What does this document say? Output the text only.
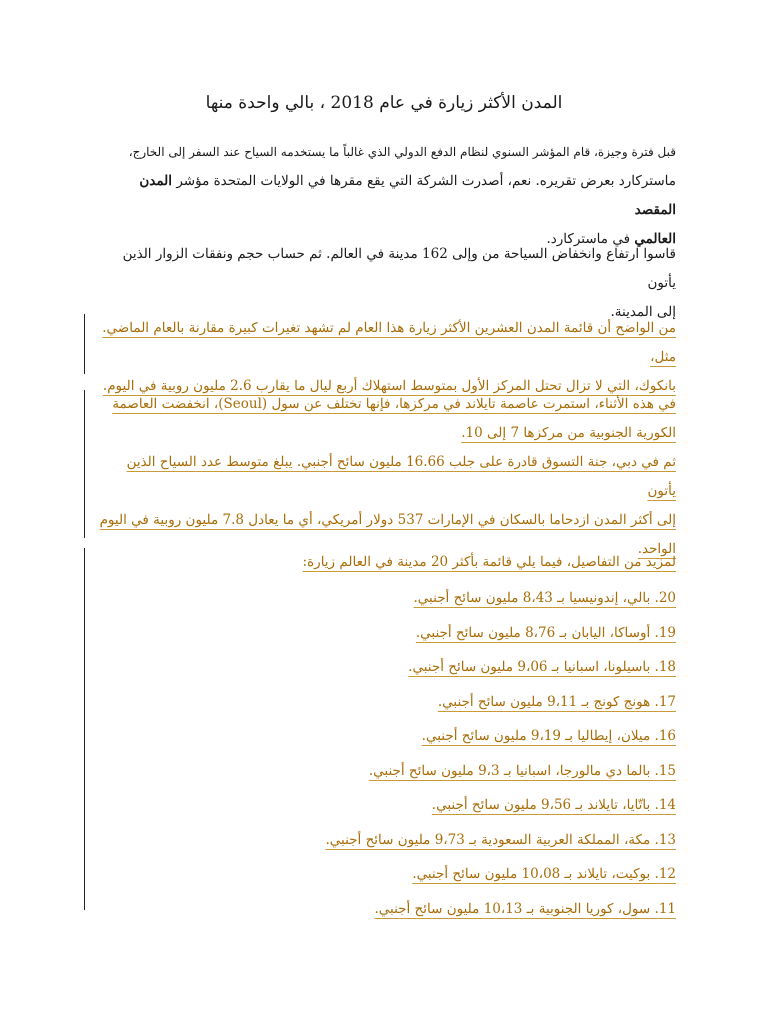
المدن الأكثر زيارة في عام 2018 ، بالي واحدة منها
قبل فترة وجيزة، قام المؤشر السنوي لنظام الدفع الدولي الذي غالباً ما يستخدمه السياح عند السفر إلى الخارج،
ماستركارد بعرض تقريره. نعم، أصدرت الشركة التي يقع مقرها في الولايات المتحدة مؤشر المدن المقصد
العالمي في ماستركارد.
قاسوا ارتفاع وانخفاض السياحة من وإلى 162 مدينة في العالم. ثم حساب حجم ونفقات الزوار الذين يأتون
إلى المدينة.
من الواضح أن قائمة المدن العشرين الأكثر زيارة هذا العام لم تشهد تغيرات كبيرة مقارنة بالعام الماضي. مثل،
بانكوك، التي لا تزال تحتل المركز الأول بمتوسط استهلاك أربع ليال ما يقارب 2.6 مليون روبية في اليوم.
في هذه الأثناء، استمرت عاصمة تايلاند في مركزها، فإنها تختلف عن سول (Seoul)، انخفضت العاصمة
الكورية الجنوبية من مركزها 7 إلى 10.
ثم في دبي، جنة التسوق قادرة على جلب 16.66 مليون سائح أجنبي. يبلغ متوسط عدد السياح الذين يأتون
إلى أكثر المدن ازدحاما بالسكان في الإمارات 537 دولار أمريكي، أي ما يعادل 7.8 مليون روبية في اليوم
الواحد.
لمزيد من التفاصيل، فيما يلي قائمة بأكثر 20 مدينة في العالم زيارة:
20. بالي، إندونيسيا بـ 8،43 مليون سائح أجنبي.
19. أوساكا، اليابان بـ 8،76 مليون سائح أجنبي.
18. باسيلونا، اسبانيا بـ 9،06 مليون سائح أجنبي.
17. هونج كونج بـ 9،11 مليون سائح أجنبي.
16. ميلان، إيطاليا بـ 9،19 مليون سائح أجنبي.
15. بالما دي مالورجا، اسبانيا بـ 9،3 مليون سائح أجنبي.
14. باتّايا، تايلاند بـ 9،56 مليون سائح أجنبي.
13. مكة، المملكة العربية السعودية بـ 9،73 مليون سائح أجنبي.
12. بوكيت، تايلاند بـ 10،08 مليون سائح أجنبي.
11. سول، كوريا الجنوبية بـ 10،13 مليون سائح أجنبي.
